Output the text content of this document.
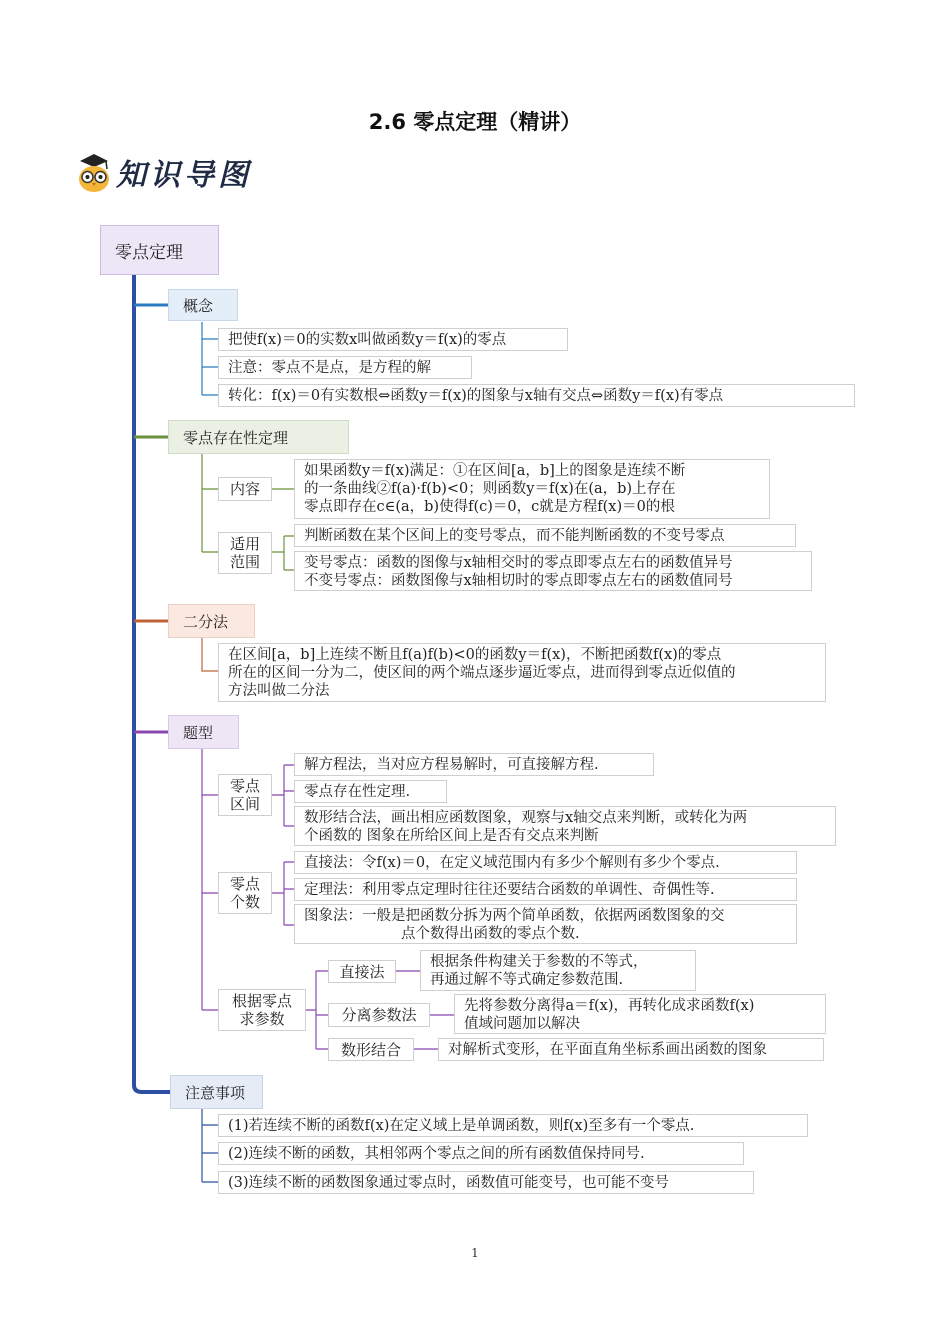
2.6 零点定理（精讲）
知识导图
零点定理
概念
把使f(x)＝0的实数x叫做函数y＝f(x)的零点
注意：零点不是点，是方程的解
转化：f(x)＝0有实数根⇔函数y＝f(x)的图象与x轴有交点⇔函数y＝f(x)有零点
零点存在性定理
内容
如果函数y＝f(x)满足：①在区间[a，b]上的图象是连续不断
的一条曲线②f(a)·f(b)<0；则函数y＝f(x)在(a，b)上存在
零点即存在c∈(a，b)使得f(c)＝0，c就是方程f(x)＝0的根
适用
范围
判断函数在某个区间上的变号零点，而不能判断函数的不变号零点
变号零点：函数的图像与x轴相交时的零点即零点左右的函数值异号
不变号零点：函数图像与x轴相切时的零点即零点左右的函数值同号
二分法
在区间[a，b]上连续不断且f(a)f(b)<0的函数y＝f(x)，不断把函数f(x)的零点
所在的区间一分为二，使区间的两个端点逐步逼近零点，进而得到零点近似值的
方法叫做二分法
题型
零点
区间
解方程法，当对应方程易解时，可直接解方程.
零点存在性定理.
数形结合法，画出相应函数图象，观察与x轴交点来判断，或转化为两
个函数的 图象在所给区间上是否有交点来判断
零点
个数
直接法：令f(x)＝0，在定义域范围内有多少个解则有多少个零点.
定理法：利用零点定理时往往还要结合函数的单调性、奇偶性等.
图象法：一般是把函数分拆为两个简单函数，依据两函数图象的交
点个数得出函数的零点个数.
根据零点
求参数
直接法
根据条件构建关于参数的不等式，
再通过解不等式确定参数范围.
分离参数法	先将参数分离得a＝f(x)，再转化成求函数f(x)
值域问题加以解决
数形结合	对解析式变形，在平面直角坐标系画出函数的图象
注意事项
(1)若连续不断的函数f(x)在定义域上是单调函数，则f(x)至多有一个零点.
(2)连续不断的函数，其相邻两个零点之间的所有函数值保持同号.
(3)连续不断的函数图象通过零点时，函数值可能变号，也可能不变号
1
